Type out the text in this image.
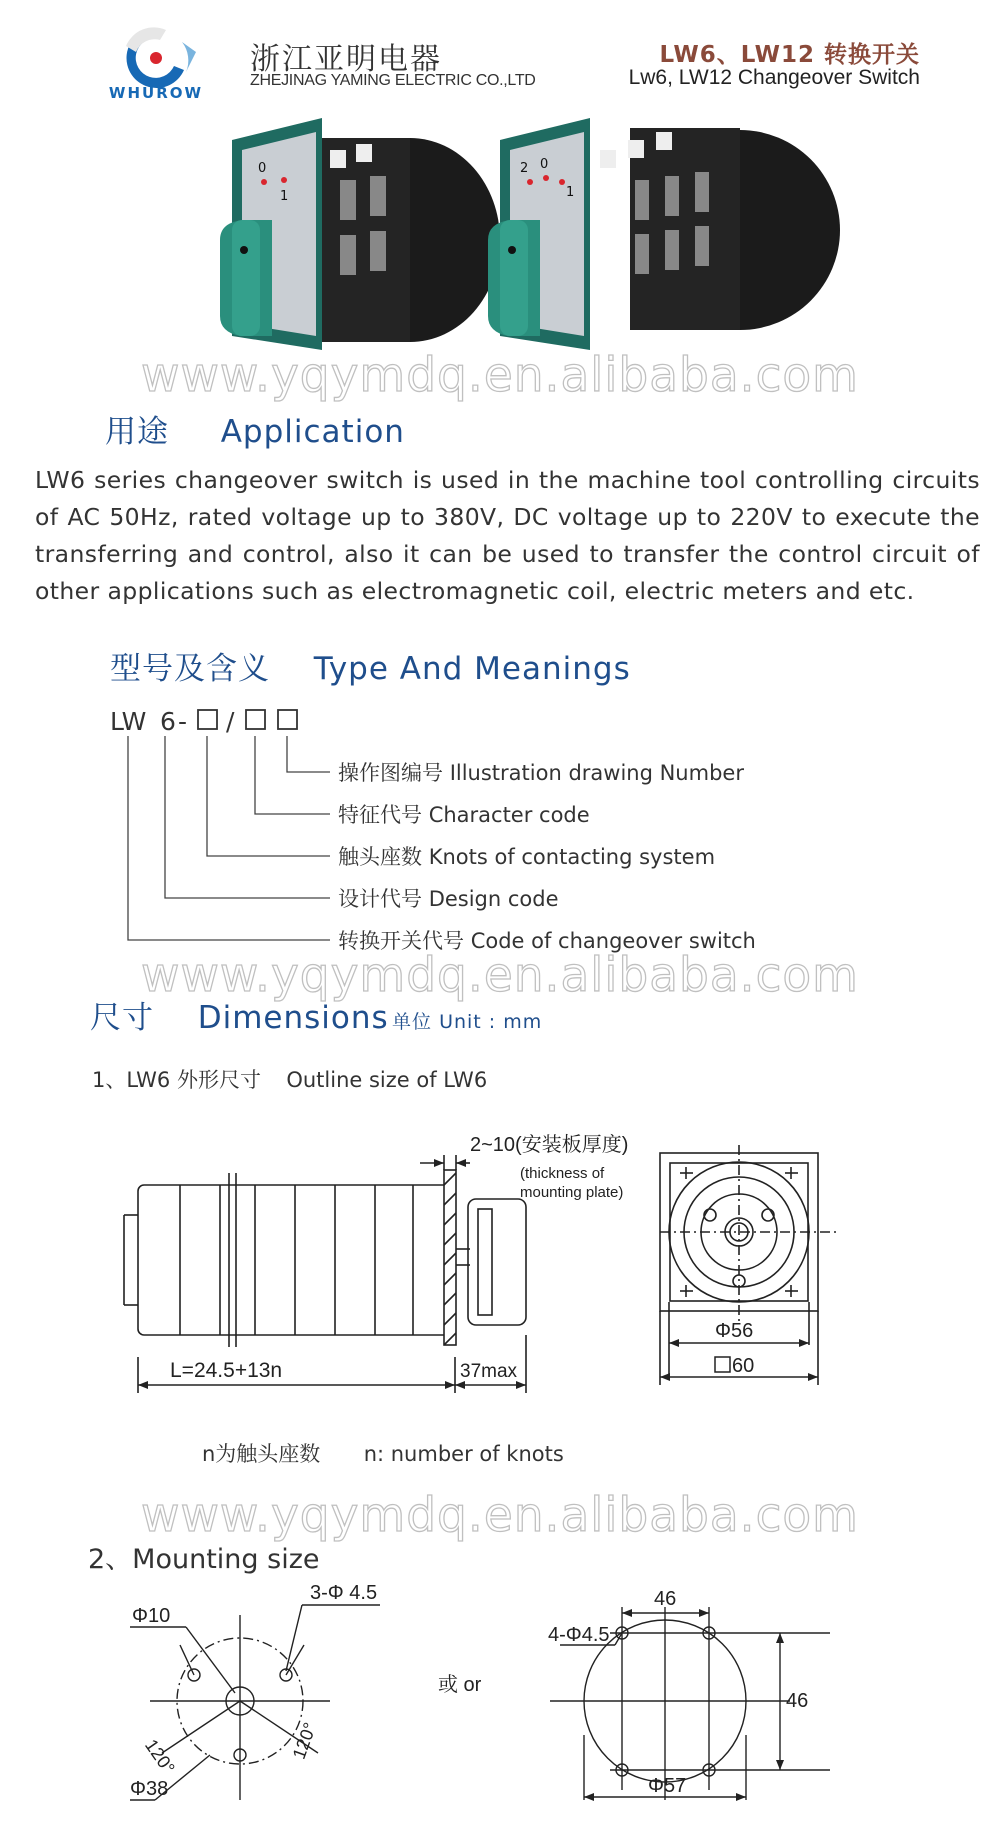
WHUROW
浙江亚明电器
ZHEJINAG YAMING ELECTRIC CO.,LTD
LW6、LW12 转换开关
Lw6, LW12 Changeover Switch
0
1
2 0
1
www.yqymdq.en.alibaba.com
用途 Application
LW6 series changeover switch is used in the machine tool controlling circuits of AC 50Hz, rated voltage up to 380V, DC voltage up to 220V to execute the transferring and control, also it can be used to transfer the control circuit of other applications such as electromagnetic coil, electric meters and etc.
型号及含义 Type And Meanings
LW 6 - /
操作图编号 Illustration drawing Number
特征代号 Character code
触头座数 Knots of contacting system
设计代号 Design code
转换开关代号 Code of changeover switch
www.yqymdq.en.alibaba.com
尺寸 Dimensions 单位 Unit : mm
1、LW6 外形尺寸 Outline size of LW6
2~10(安装板厚度)
(thickness of
mounting plate)
L=24.5+13n	37max
Φ56
60
n为触头座数 n: number of knots
www.yqymdq.en.alibaba.com
2、Mounting size
Φ10
3-Φ 4.5
120°	120°
Φ38
或 or
46
4-Φ4.5
46
Φ57
